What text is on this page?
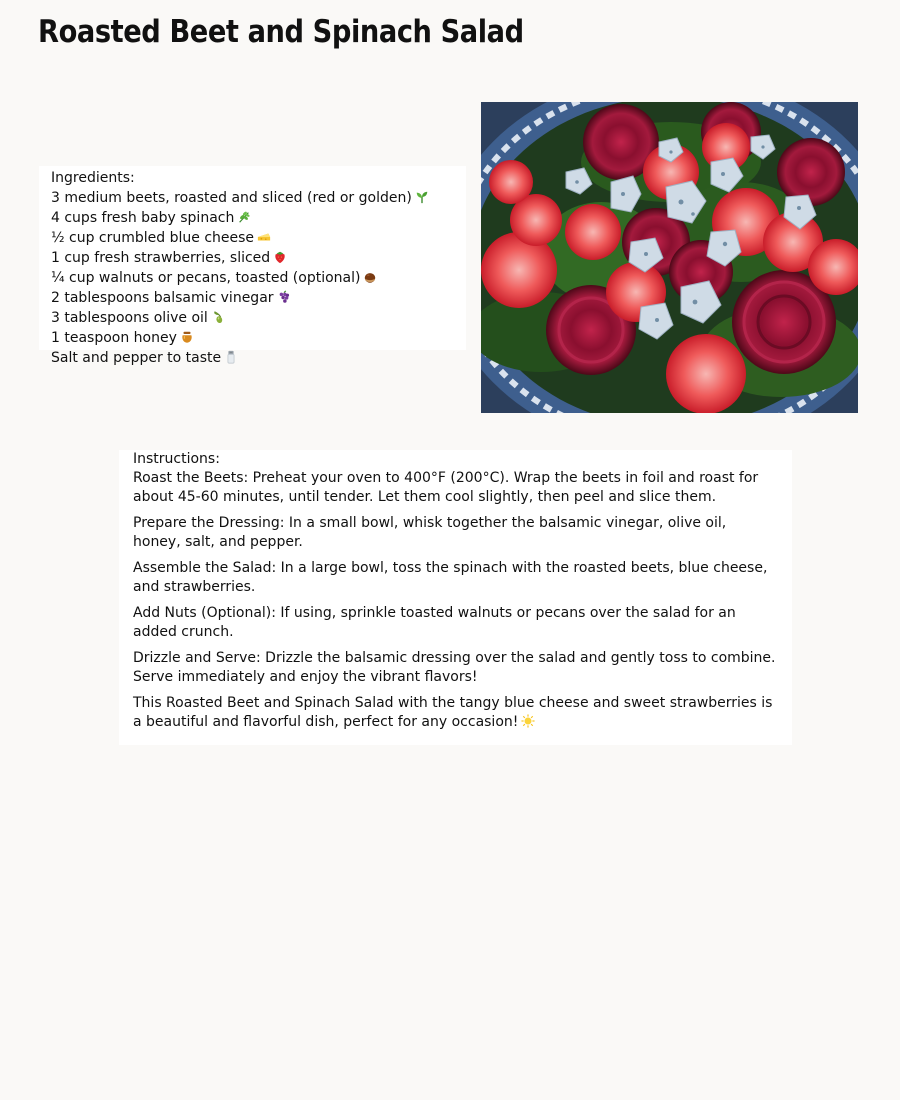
Roasted Beet and Spinach Salad
Ingredients:
3 medium beets, roasted and sliced (red or golden)
4 cups fresh baby spinach
½ cup crumbled blue cheese
1 cup fresh strawberries, sliced
¼ cup walnuts or pecans, toasted (optional)
2 tablespoons balsamic vinegar
3 tablespoons olive oil
1 teaspoon honey
Salt and pepper to taste
Instructions:

Roast the Beets: Preheat your oven to 400°F (200°C). Wrap the beets in foil and roast for about 45-60 minutes, until tender. Let them cool slightly, then peel and slice them.

Prepare the Dressing: In a small bowl, whisk together the balsamic vinegar, olive oil, honey, salt, and pepper.

Assemble the Salad: In a large bowl, toss the spinach with the roasted beets, blue cheese, and strawberries.

Add Nuts (Optional): If using, sprinkle toasted walnuts or pecans over the salad for an added crunch.

Drizzle and Serve: Drizzle the balsamic dressing over the salad and gently toss to combine. Serve immediately and enjoy the vibrant flavors!

This Roasted Beet and Spinach Salad with the tangy blue cheese and sweet strawberries is a beautiful and flavorful dish, perfect for any occasion!
